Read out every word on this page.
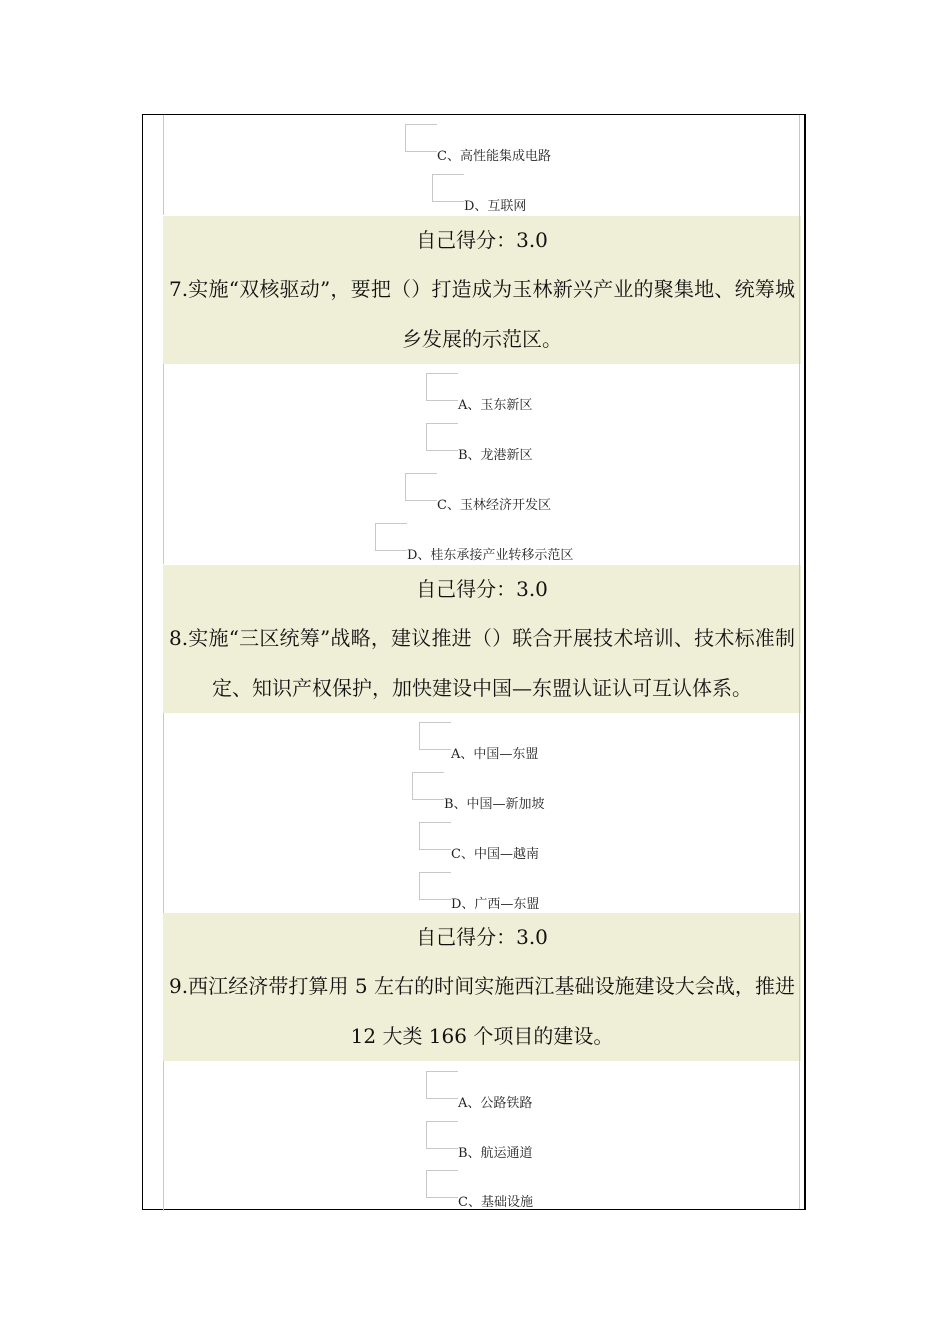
C、高性能集成电路
D、互联网
自己得分：3.0
7.实施“双核驱动”，要把（）打造成为玉林新兴产业的聚集地、统筹城乡发展的示范区。
A、玉东新区
B、龙港新区
C、玉林经济开发区
D、桂东承接产业转移示范区
自己得分：3.0
8.实施“三区统筹”战略，建议推进（）联合开展技术培训、技术标准制定、知识产权保护，加快建设中国—东盟认证认可互认体系。
A、中国—东盟
B、中国—新加坡
C、中国—越南
D、广西—东盟
自己得分：3.0
9.西江经济带打算用 5 左右的时间实施西江基础设施建设大会战，推进 12 大类 166 个项目的建设。
A、公路铁路
B、航运通道
C、基础设施
